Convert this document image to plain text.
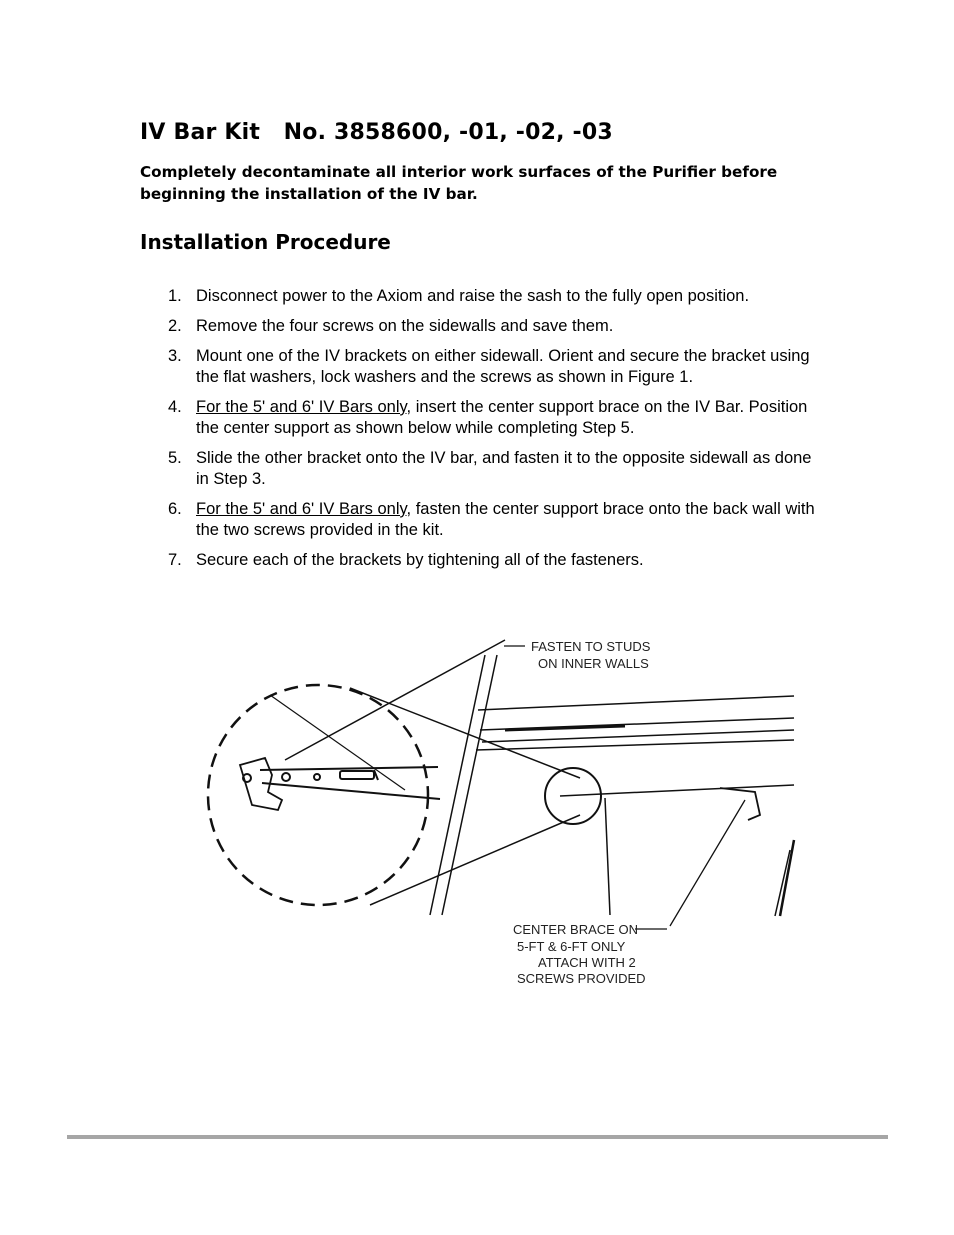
IV Bar Kit   No. 3858600, -01, -02, -03
Completely decontaminate all interior work surfaces of the Purifier before beginning the installation of the IV bar.
Installation Procedure
1. Disconnect power to the Axiom and raise the sash to the fully open position.
2. Remove the four screws on the sidewalls and save them.
3. Mount one of the IV brackets on either sidewall. Orient and secure the bracket using the flat washers, lock washers and the screws as shown in Figure 1.
4. For the 5' and 6' IV Bars only, insert the center support brace on the IV Bar. Position the center support as shown below while completing Step 5.
5. Slide the other bracket onto the IV bar, and fasten it to the opposite sidewall as done in Step 3.
6. For the 5' and 6' IV Bars only, fasten the center support brace onto the back wall with the two screws provided in the kit.
7. Secure each of the brackets by tightening all of the fasteners.
FASTEN TO STUDS
ON INNER WALLS
CENTER BRACE ON
5-FT & 6-FT ONLY
ATTACH WITH 2
SCREWS PROVIDED
